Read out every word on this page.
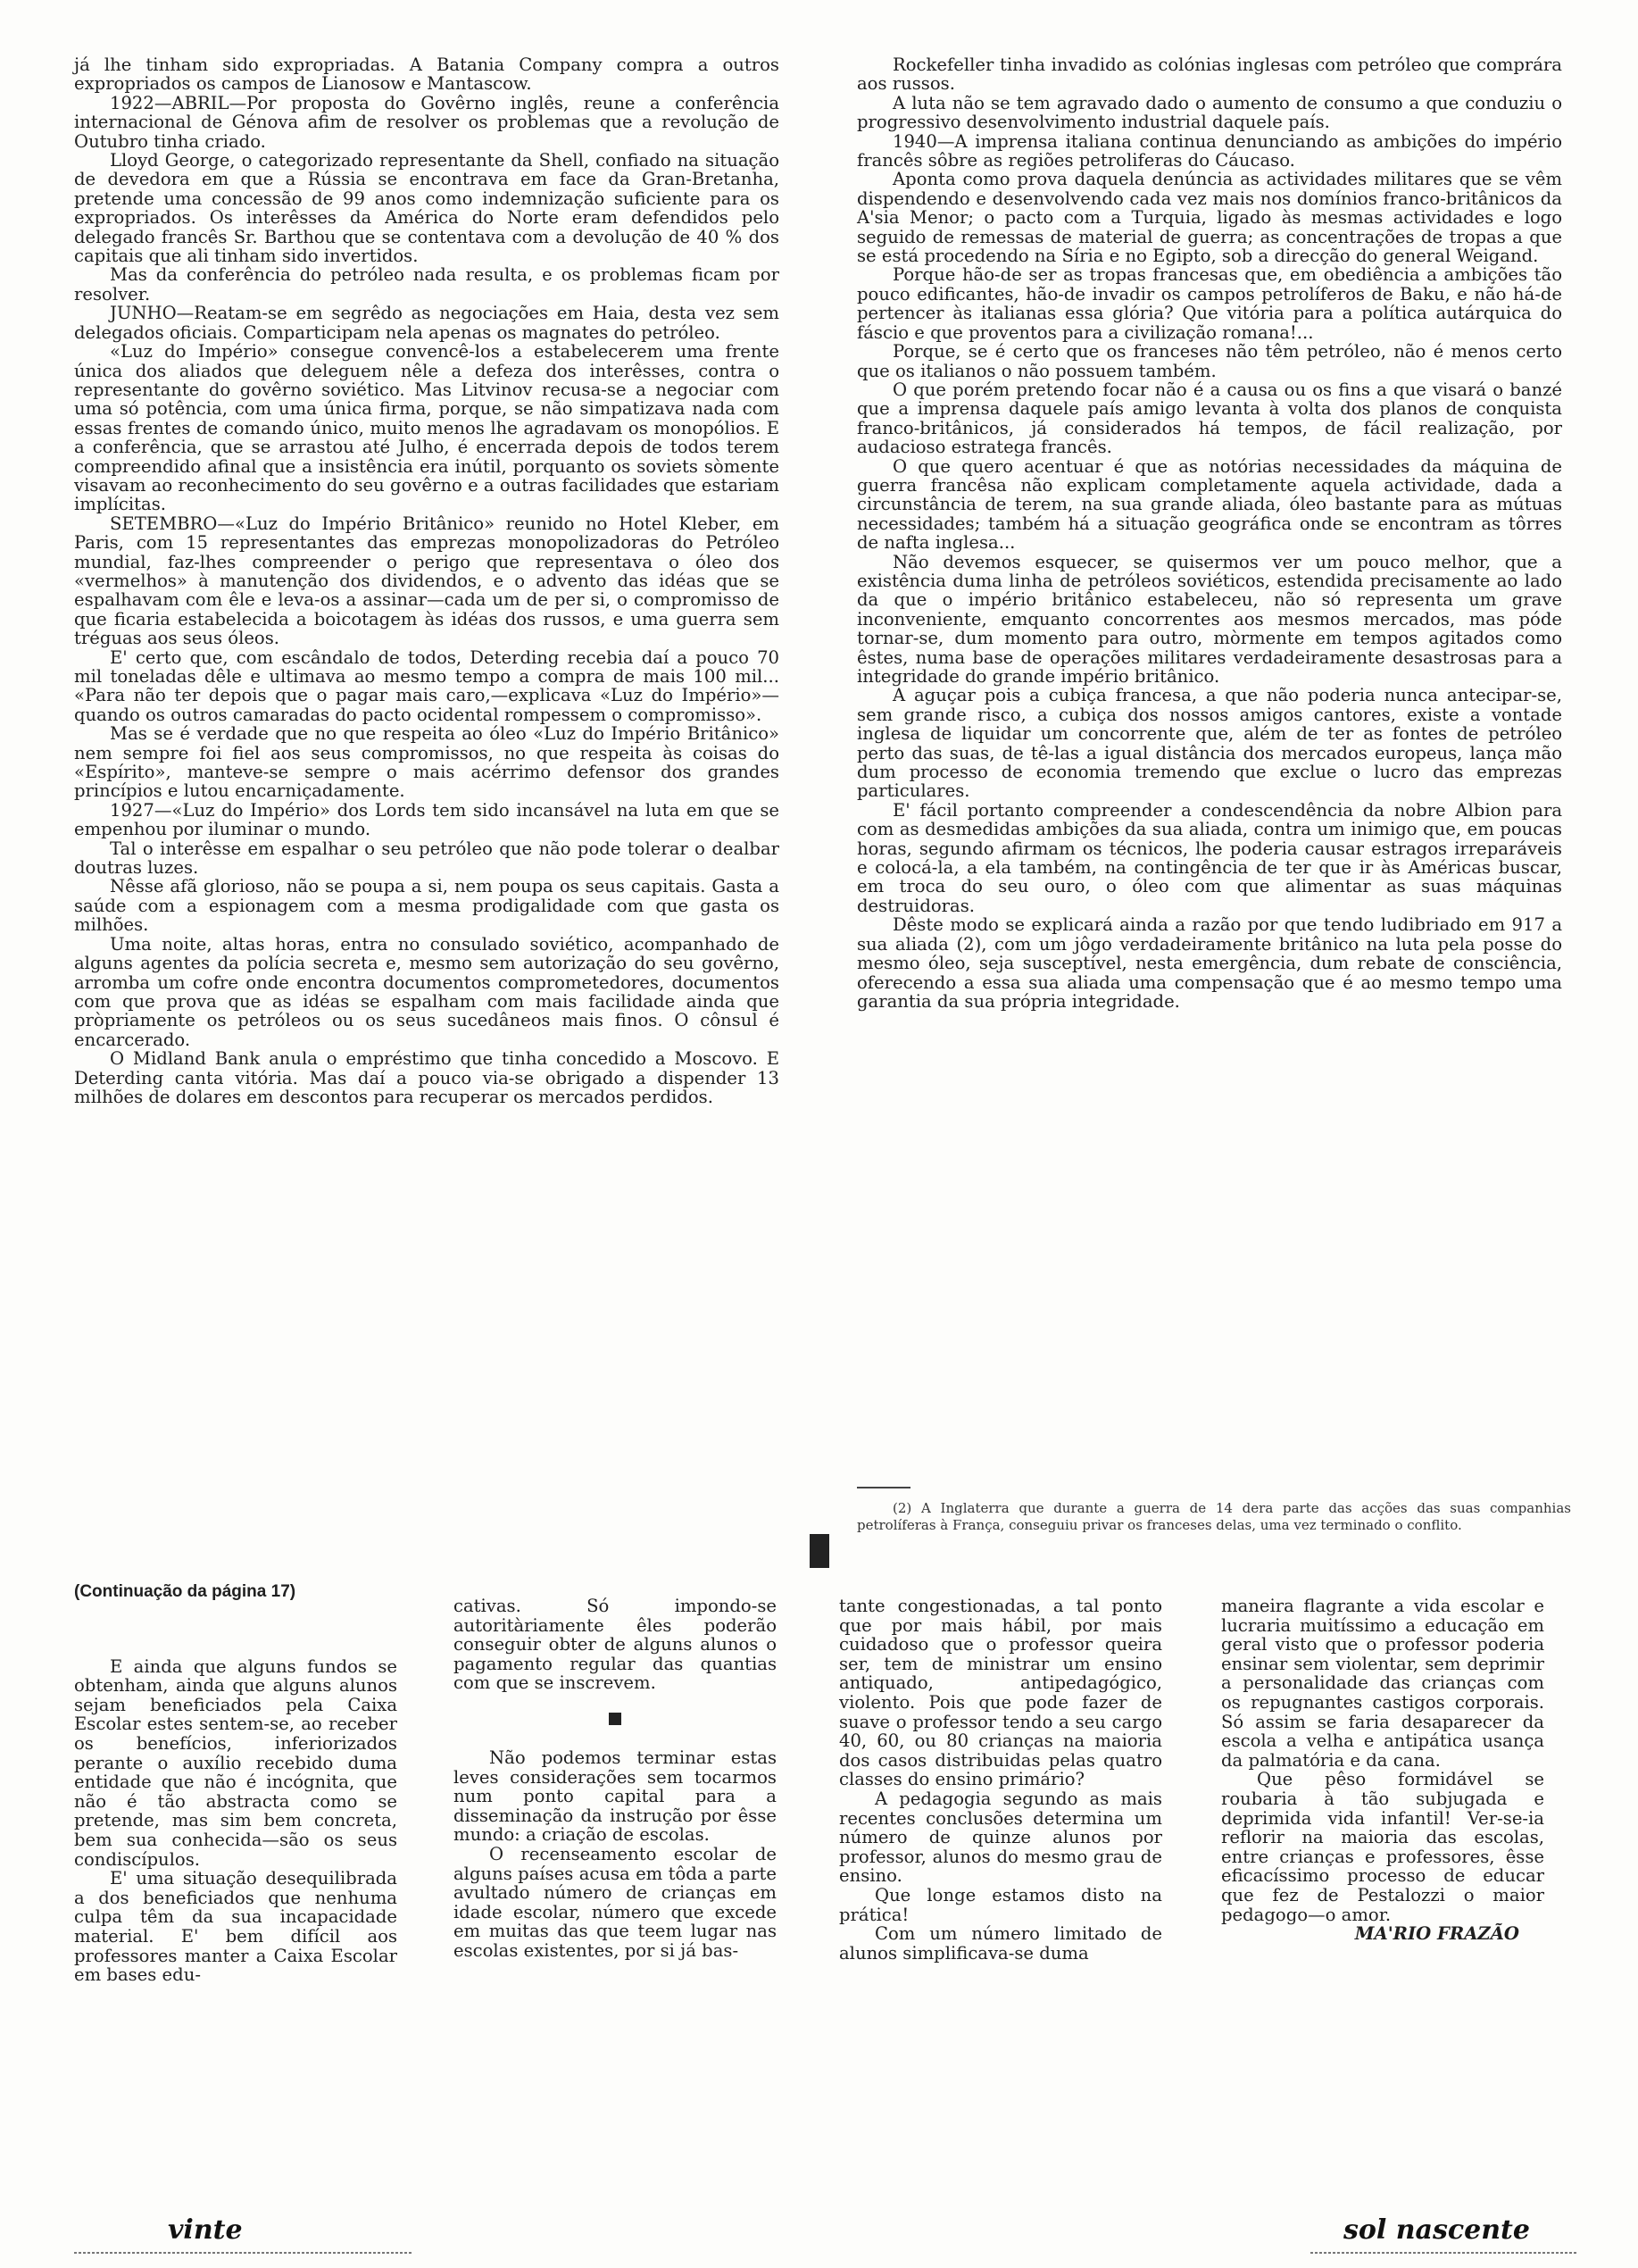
já lhe tinham sido expropriadas. A Batania Company compra a outros expropriados os campos de Lianosow e Mantascow.

1922—ABRIL—Por proposta do Govêrno inglês, reune a conferência internacional de Génova afim de resolver os problemas que a revolução de Outubro tinha criado.

Lloyd George, o categorizado representante da Shell, confiado na situação de devedora em que a Rússia se encontrava em face da Gran-Bretanha, pretende uma concessão de 99 anos como indemnização suficiente para os expropriados. Os interêsses da América do Norte eram defendidos pelo delegado francês Sr. Barthou que se contentava com a devolução de 40 % dos capitais que ali tinham sido invertidos.

Mas da conferência do petróleo nada resulta, e os problemas ficam por resolver.

JUNHO—Reatam-se em segrêdo as negociações em Haia, desta vez sem delegados oficiais. Comparticipam nela apenas os magnates do petróleo.

«Luz do Império» consegue convencê-los a estabelecerem uma frente única dos aliados que deleguem nêle a defeza dos interêsses, contra o representante do govêrno soviético. Mas Litvinov recusa-se a negociar com uma só potência, com uma única firma, porque, se não simpatizava nada com essas frentes de comando único, muito menos lhe agradavam os monopólios. E a conferência, que se arrastou até Julho, é encerrada depois de todos terem compreendido afinal que a insistência era inútil, porquanto os soviets sòmente visavam ao reconhecimento do seu govêrno e a outras facilidades que estariam implícitas.

SETEMBRO—«Luz do Império Britânico» reunido no Hotel Kleber, em Paris, com 15 representantes das emprezas monopolizadoras do Petróleo mundial, faz-lhes compreender o perigo que representava o óleo dos «vermelhos» à manutenção dos dividendos, e o advento das idéas que se espalhavam com êle e leva-os a assinar—cada um de per si, o compromisso de que ficaria estabelecida a boicotagem às idéas dos russos, e uma guerra sem tréguas aos seus óleos.

E' certo que, com escândalo de todos, Deterding recebia daí a pouco 70 mil toneladas dêle e ultimava ao mesmo tempo a compra de mais 100 mil... «Para não ter depois que o pagar mais caro,—explicava «Luz do Império»—quando os outros camaradas do pacto ocidental rompessem o compromisso».

Mas se é verdade que no que respeita ao óleo «Luz do Império Britânico» nem sempre foi fiel aos seus compromissos, no que respeita às coisas do «Espírito», manteve-se sempre o mais acérrimo defensor dos grandes princípios e lutou encarniçadamente.

1927—«Luz do Império» dos Lords tem sido incansável na luta em que se empenhou por iluminar o mundo.

Tal o interêsse em espalhar o seu petróleo que não pode tolerar o dealbar doutras luzes.

Nêsse afã glorioso, não se poupa a si, nem poupa os seus capitais. Gasta a saúde com a espionagem com a mesma prodigalidade com que gasta os milhões.

Uma noite, altas horas, entra no consulado soviético, acompanhado de alguns agentes da polícia secreta e, mesmo sem autorização do seu govêrno, arromba um cofre onde encontra documentos comprometedores, documentos com que prova que as idéas se espalham com mais facilidade ainda que pròpriamente os petróleos ou os seus sucedâneos mais finos. O cônsul é encarcerado.

O Midland Bank anula o empréstimo que tinha concedido a Moscovo. E Deterding canta vitória. Mas daí a pouco via-se obrigado a dispender 13 milhões de dolares em descontos para recuperar os mercados perdidos.

Rockefeller tinha invadido as colónias inglesas com petróleo que comprára aos russos.

A luta não se tem agravado dado o aumento de consumo a que conduziu o progressivo desenvolvimento industrial daquele país.

1940—A imprensa italiana continua denunciando as ambições do império francês sôbre as regiões petroliferas do Cáucaso.

Aponta como prova daquela denúncia as actividades militares que se vêm dispendendo e desenvolvendo cada vez mais nos domínios franco-britânicos da A'sia Menor; o pacto com a Turquia, ligado às mesmas actividades e logo seguido de remessas de material de guerra; as concentrações de tropas a que se está procedendo na Síria e no Egipto, sob a direcção do general Weigand.

Porque hão-de ser as tropas francesas que, em obediência a ambições tão pouco edificantes, hão-de invadir os campos petrolíferos de Baku, e não há-de pertencer às italianas essa glória? Que vitória para a política autárquica do fáscio e que proventos para a civilização romana!...

Porque, se é certo que os franceses não têm petróleo, não é menos certo que os italianos o não possuem também.

O que porém pretendo focar não é a causa ou os fins a que visará o banzé que a imprensa daquele país amigo levanta à volta dos planos de conquista franco-britânicos, já considerados há tempos, de fácil realização, por audacioso estratega francês.

O que quero acentuar é que as notórias necessidades da máquina de guerra francêsa não explicam completamente aquela actividade, dada a circunstância de terem, na sua grande aliada, óleo bastante para as mútuas necessidades; também há a situação geográfica onde se encontram as tôrres de nafta inglesa...

Não devemos esquecer, se quisermos ver um pouco melhor, que a existência duma linha de petróleos soviéticos, estendida precisamente ao lado da que o império britânico estabeleceu, não só representa um grave inconveniente, emquanto concorrentes aos mesmos mercados, mas póde tornar-se, dum momento para outro, mòrmente em tempos agitados como êstes, numa base de operações militares verdadeiramente desastrosas para a integridade do grande império britânico.

A aguçar pois a cubiça francesa, a que não poderia nunca antecipar-se, sem grande risco, a cubiça dos nossos amigos cantores, existe a vontade inglesa de liquidar um concorrente que, além de ter as fontes de petróleo perto das suas, de tê-las a igual distância dos mercados europeus, lança mão dum processo de economia tremendo que exclue o lucro das emprezas particulares.

E' fácil portanto compreender a condescendência da nobre Albion para com as desmedidas ambições da sua aliada, contra um inimigo que, em poucas horas, segundo afirmam os técnicos, lhe poderia causar estragos irreparáveis e colocá-la, a ela também, na contingência de ter que ir às Américas buscar, em troca do seu ouro, o óleo com que alimentar as suas máquinas destruidoras.

Dêste modo se explicará ainda a razão por que tendo ludibriado em 917 a sua aliada (2), com um jôgo verdadeiramente britânico na luta pela posse do mesmo óleo, seja susceptível, nesta emergência, dum rebate de consciência, oferecendo a essa sua aliada uma compensação que é ao mesmo tempo uma garantia da sua própria integridade.

(2) A Inglaterra que durante a guerra de 14 dera parte das acções das suas companhias petrolíferas à França, conseguiu privar os franceses delas, uma vez terminado o conflito.

(Continuação da página 17)

E ainda que alguns fundos se obtenham, ainda que alguns alunos sejam beneficiados pela Caixa Escolar estes sentem-se, ao receber os benefícios, inferiorizados perante o auxílio recebido duma entidade que não é incógnita, que não é tão abstracta como se pretende, mas sim bem concreta, bem sua conhecida—são os seus condiscípulos.

E' uma situação desequilibrada a dos beneficiados que nenhuma culpa têm da sua incapacidade material. E' bem difícil aos professores manter a Caixa Escolar em bases edu-

cativas. Só impondo-se autoritàriamente êles poderão conseguir obter de alguns alunos o pagamento regular das quantias com que se inscrevem.

Não podemos terminar estas leves considerações sem tocarmos num ponto capital para a disseminação da instrução por êsse mundo: a criação de escolas.

O recenseamento escolar de alguns países acusa em tôda a parte avultado número de crianças em idade escolar, número que excede em muitas das que teem lugar nas escolas existentes, por si já bas-

tante congestionadas, a tal ponto que por mais hábil, por mais cuidadoso que o professor queira ser, tem de ministrar um ensino antiquado, antipedagógico, violento. Pois que pode fazer de suave o professor tendo a seu cargo 40, 60, ou 80 crianças na maioria dos casos distribuidas pelas quatro classes do ensino primário?

A pedagogia segundo as mais recentes conclusões determina um número de quinze alunos por professor, alunos do mesmo grau de ensino.

Que longe estamos disto na prática!

Com um número limitado de alunos simplificava-se duma

maneira flagrante a vida escolar e lucraria muitíssimo a educação em geral visto que o professor poderia ensinar sem violentar, sem deprimir a personalidade das crianças com os repugnantes castigos corporais. Só assim se faria desaparecer da escola a velha e antipática usança da palmatória e da cana.

Que pêso formidável se roubaria à tão subjugada e deprimida vida infantil! Ver-se-ia reflorir na maioria das escolas, entre crianças e professores, êsse eficacíssimo processo de educar que fez de Pestalozzi o maior pedagogo—o amor.

MA'RIO FRAZÃO

vinte	sol nascente
